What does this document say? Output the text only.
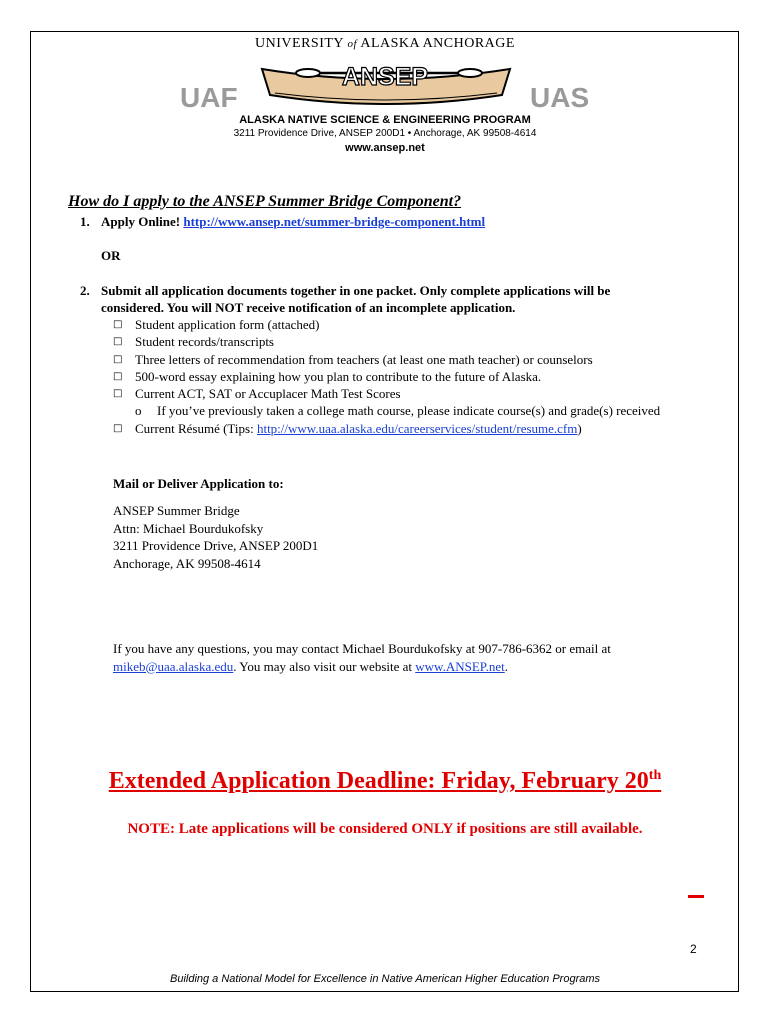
UNIVERSITY of ALASKA ANCHORAGE
ANSEP
UAF	UAS
ALASKA NATIVE SCIENCE & ENGINEERING PROGRAM
3211 Providence Drive, ANSEP 200D1 • Anchorage, AK 99508-4614
www.ansep.net
How do I apply to the ANSEP Summer Bridge Component?
1. Apply Online! http://www.ansep.net/summer-bridge-component.html
OR
2. Submit all application documents together in one packet. Only complete applications will be
considered. You will NOT receive notification of an incomplete application.
□ Student application form (attached)
□ Student records/transcripts
□ Three letters of recommendation from teachers (at least one math teacher) or counselors
□ 500-word essay explaining how you plan to contribute to the future of Alaska.
□ Current ACT, SAT or Accuplacer Math Test Scores
o	If you’ve previously taken a college math course, please indicate course(s) and grade(s) received
□ Current Résumé (Tips: http://www.uaa.alaska.edu/careerservices/student/resume.cfm)
Mail or Deliver Application to:
ANSEP Summer Bridge
Attn: Michael Bourdukofsky
3211 Providence Drive, ANSEP 200D1
Anchorage, AK 99508-4614
If you have any questions, you may contact Michael Bourdukofsky at 907-786-6362 or email at
mikeb@uaa.alaska.edu. You may also visit our website at www.ANSEP.net.
Extended Application Deadline: Friday, February 20th
NOTE: Late applications will be considered ONLY if positions are still available.
2
Building a National Model for Excellence in Native American Higher Education Programs
